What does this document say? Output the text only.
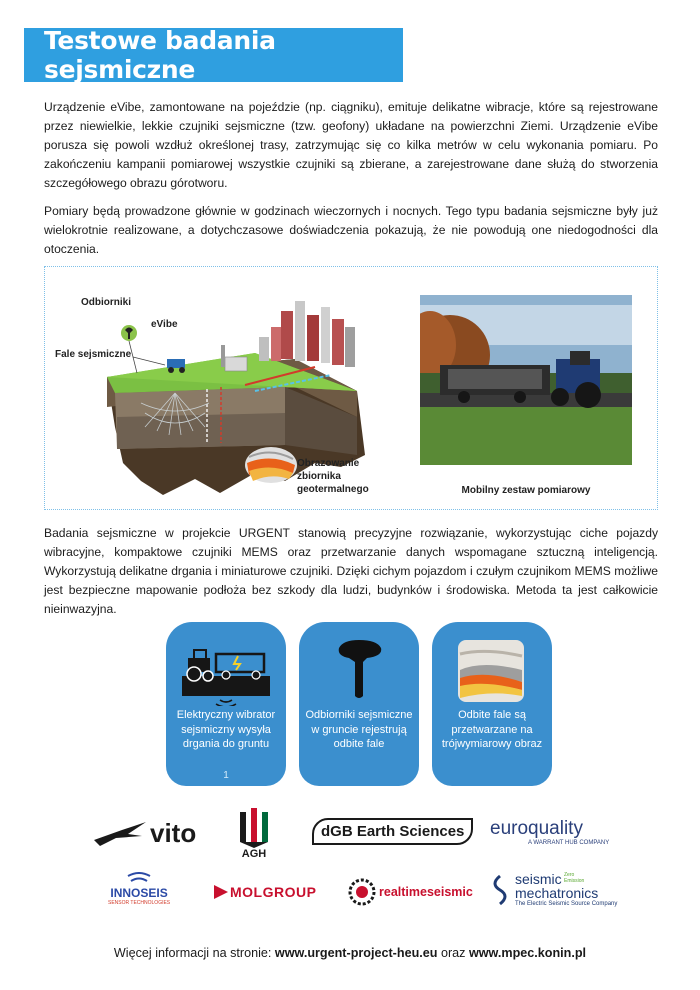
Testowe badania sejsmiczne

Urządzenie eVibe, zamontowane na pojeździe (np. ciągniku), emituje delikatne wibracje, które są rejestrowane przez niewielkie, lekkie czujniki sejsmiczne (tzw. geofony) układane na powierzchni Ziemi. Urządzenie eVibe porusza się powoli wzdłuż określonej trasy, zatrzymując się co kilka metrów w celu wykonania pomiaru. Po zakończeniu kampanii pomiarowej wszystkie czujniki są zbierane, a zarejestrowane dane służą do stworzenia szczegółowego obrazu górotworu.

Pomiary będą prowadzone głównie w godzinach wieczornych i nocnych. Tego typu badania sejsmiczne były już wielokrotnie realizowane, a dotychczasowe doświadczenia pokazują, że nie powodują one niedogodności dla otoczenia.

Odbiorniki
eVibe
Fale sejsmiczne
Obrazowanie
zbiornika
geotermalnego	Mobilny zestaw pomiarowy

Badania sejsmiczne w projekcie URGENT stanowią precyzyjne rozwiązanie, wykorzystując ciche pojazdy wibracyjne, kompaktowe czujniki MEMS oraz przetwarzanie danych wspomagane sztuczną inteligencją. Wykorzystują delikatne drgania i miniaturowe czujniki. Dzięki cichym pojazdom i czułym czujnikom MEMS możliwe jest bezpieczne mapowanie podłoża bez szkody dla ludzi, budynków i środowiska. Metoda ta jest całkowicie nieinwazyjna.

Elektryczny wibrator sejsmiczny wysyła drgania do gruntu
1
Odbiorniki sejsmiczne w gruncie rejestrują odbite fale
Odbite fale są przetwarzane na trójwymiarowy obraz
vito
AGH
dGB Earth Sciences	euroquality
A WARRANT HUB COMPANY
INNOSEIS
SENSOR TECHNOLOGIES
MOLGROUP	realtimeseismic
seismic
mechatronics
The Electric Seismic Source Company
Zero Emission
Więcej informacji na stronie: www.urgent-project-heu.eu oraz www.mpec.konin.pl
